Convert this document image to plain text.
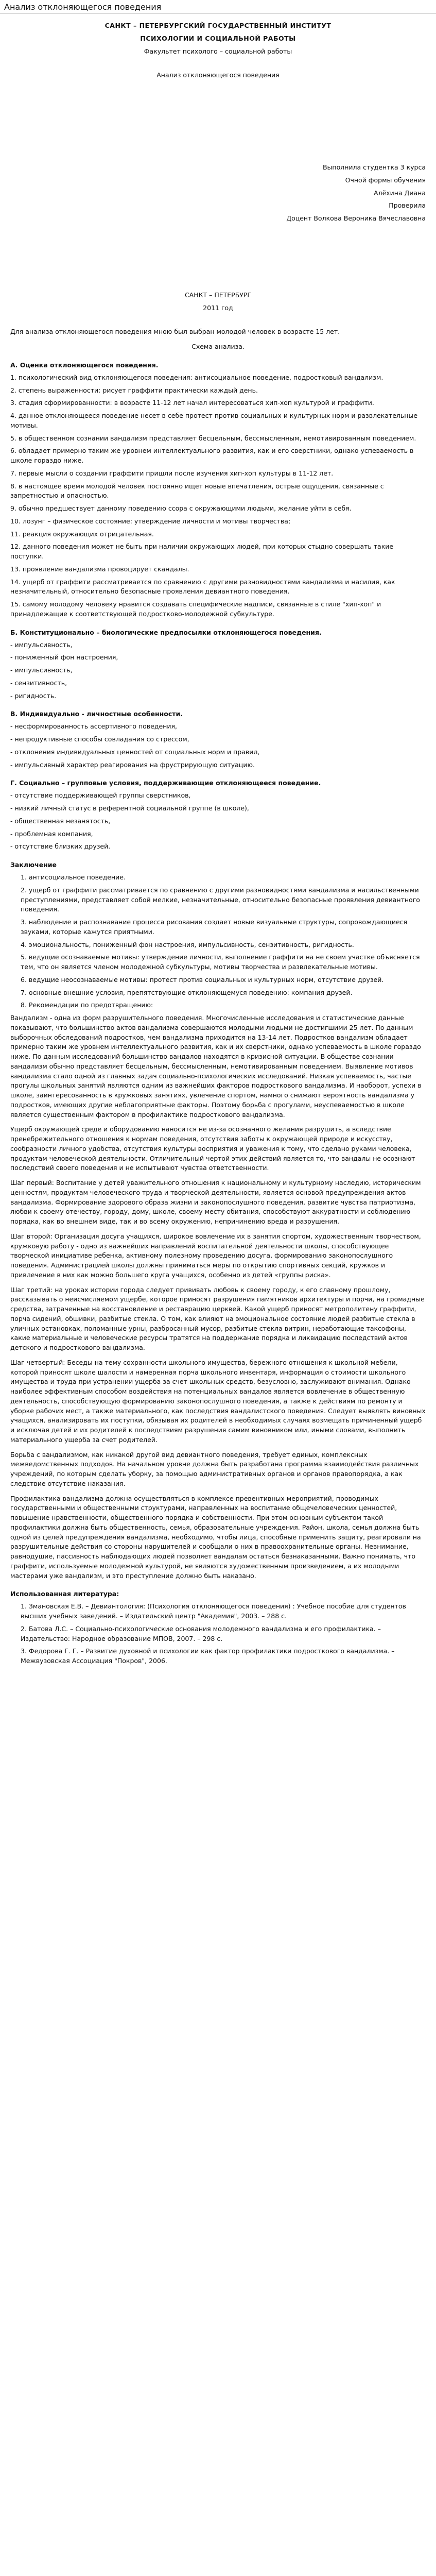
Анализ отклоняющегося поведения

САНКТ – ПЕТЕРБУРГСКИЙ ГОСУДАРСТВЕННЫЙ ИНСТИТУТ

ПСИХОЛОГИИ И СОЦИАЛЬНОЙ РАБОТЫ

Факультет психолого – социальной работы

Анализ отклоняющегося поведения

Выполнила студентка 3 курса

Очной формы обучения

Алёхина Диана

Проверила

Доцент Волкова Вероника Вячеславовна

САНКТ – ПЕТЕРБУРГ

2011 год

Для анализа отклоняющегося поведения мною был выбран молодой человек в возрасте 15 лет.

Схема анализа.

А. Оценка отклоняющегося поведения.

1. психологический вид отклоняющегося поведения: антисоциальное поведение, подростковый вандализм.

2. степень выраженности: рисует граффити практически каждый день.

3. стадия сформированности: в возрасте 11-12 лет начал интересоваться хип-хоп культурой и граффити.

4. данное отклоняющееся поведение несет в себе протест против социальных и культурных норм и развлекательные мотивы.

5. в общественном сознании вандализм представляет бесцельным, бессмысленным, немотивированным поведением.

6. обладает примерно таким же уровнем интеллектуального развития, как и его сверстники, однако успеваемость в школе гораздо ниже.

7. первые мысли о создании граффити пришли после изучения хип-хоп культуры в 11-12 лет.

8. в настоящее время молодой человек постоянно ищет новые впечатления, острые ощущения, связанные с запретностью и опасностью.

9. обычно предшествует данному поведению ссора с окружающими людьми, желание уйти в себя.

10. лозунг – физическое состояние: утверждение личности и мотивы творчества;

11. реакция окружающих отрицательная.

12. данного поведения может не быть при наличии окружающих людей, при которых стыдно совершать такие поступки.

13. проявление вандализма провоцирует скандалы.

14. ущерб от граффити рассматривается по сравнению с другими разновидностями вандализма и насилия, как незначительный, относительно безопасные проявления девиантного поведения.

15. самому молодому человеку нравится создавать специфические надписи, связанные в стиле "хип-хоп" и принадлежащие к соответствующей подростково-молодежной субкультуре.

Б. Конституционально – биологические предпосылки отклоняющегося поведения.

- импульсивность,

- пониженный фон настроения,

- импульсивность,

- сензитивность,

- ригидность.

В. Индивидуально - личностные особенности.

- несформированность ассертивного поведения,

- непродуктивные способы совладания со стрессом,

- отклонения индивидуальных ценностей от социальных норм и правил,

- импульсивный характер реагирования на фрустрирующую ситуацию.

Г. Социально – групповые условия, поддерживающие отклоняющееся поведение.

- отсутствие поддерживающей группы сверстников,

- низкий личный статус в референтной социальной группе (в школе),

- общественная незанятость,

- проблемная компания,

- отсутствие близких друзей.

Заключение

1. антисоциальное поведение.

2. ущерб от граффити рассматривается по сравнению с другими разновидностями вандализма и насильственными преступлениями, представляет собой мелкие, незначительные, относительно безопасные проявления девиантного поведения.

3. наблюдение и распознавание процесса рисования создает новые визуальные структуры, сопровождающиеся звуками, которые кажутся приятными.

4. эмоциональность, пониженный фон настроения, импульсивность, сензитивность, ригидность.

5. ведущие осознаваемые мотивы: утверждение личности, выполнение граффити на не своем участке объясняется тем, что он является членом молодежной субкультуры, мотивы творчества и развлекательные мотивы.

6. ведущие неосознаваемые мотивы: протест против социальных и культурных норм, отсутствие друзей.

7. основные внешние условия, препятствующие отклоняющемуся поведению: компания друзей.

8. Рекомендации по предотвращению:

Вандализм - одна из форм разрушительного поведения. Многочисленные исследования и статистические данные показывают, что большинство актов вандализма совершаются молодыми людьми не достигшими 25 лет. По данным выборочных обследований подростков, чем вандализма приходится на 13-14 лет. Подростков вандализм обладает примерно таким же уровнем интеллектуального развития, как и их сверстники, однако успеваемость в школе гораздо ниже. По данным исследований большинство вандалов находятся в кризисной ситуации. В обществе сознании вандализм обычно представляет бесцельным, бессмысленным, немотивированным поведением. Выявление мотивов вандализма стало одной из главных задач социально-психологических исследований. Низкая успеваемость, частые прогулы школьных занятий являются одним из важнейших факторов подросткового вандализма. И наоборот, успехи в школе, заинтересованность в кружковых занятиях, увлечение спортом, намного снижают вероятность вандализма у подростков, имеющих другие неблагоприятные факторы. Поэтому борьба с прогулами, неуспеваемостью в школе является существенным фактором в профилактике подросткового вандализма.

Ущерб окружающей среде и оборудованию наносится не из-за осознанного желания разрушить, а вследствие пренебрежительного отношения к нормам поведения, отсутствия заботы к окружающей природе и искусству, сообразности личного удобства, отсутствия культуры восприятия и уважения к тому, что сделано руками человека, продуктам человеческой деятельности. Отличительный чертой этих действий является то, что вандалы не осознают последствий своего поведения и не испытывают чувства ответственности.

Шаг первый: Воспитание у детей уважительного отношения к национальному и культурному наследию, историческим ценностям, продуктам человеческого труда и творческой деятельности, является основой предупреждения актов вандализма. Формирование здорового образа жизни и законопослушного поведения, развитие чувства патриотизма, любви к своему отечеству, городу, дому, школе, своему месту обитания, способствуют аккуратности и соблюдению порядка, как во внешнем виде, так и во всему окружению, непричинению вреда и разрушения.

Шаг второй: Организация досуга учащихся, широкое вовлечение их в занятия спортом, художественным творчеством, кружковую работу - одно из важнейших направлений воспитательной деятельности школы, способствующее творческой инициативе ребенка, активному полезному проведению досуга, формированию законопослушного поведения. Администрацией школы должны приниматься меры по открытию спортивных секций, кружков и привлечение в них как можно большего круга учащихся, особенно из детей «группы риска».

Шаг третий: на уроках истории города следует прививать любовь к своему городу, к его славному прошлому, рассказывать о неисчисляемом ущербе, которое приносят разрушения памятников архитектуры и порчи, на громадные средства, затраченные на восстановление и реставрацию церквей. Какой ущерб приносят метрополитену граффити, порча сидений, обшивки, разбитые стекла. О том, как влияют на эмоциональное состояние людей разбитые стекла в уличных остановках, поломанные урны, разбросанный мусор, разбитые стекла витрин, неработающие таксофоны, какие материальные и человеческие ресурсы тратятся на поддержание порядка и ликвидацию последствий актов детского и подросткового вандализма.

Шаг четвертый: Беседы на тему сохранности школьного имущества, бережного отношения к школьной мебели, которой приносят школе шалости и намеренная порча школьного инвентаря, информация о стоимости школьного имущества и труда при устранении ущерба за счет школьных средств, безусловно, заслуживают внимания. Однако наиболее эффективным способом воздействия на потенциальных вандалов является вовлечение в общественную деятельность, способствующую формированию законопослушного поведения, а также к действиям по ремонту и уборке рабочих мест, а также материального, как последствия вандалистского поведения. Следует выявлять виновных учащихся, анализировать их поступки, обязывая их родителей в необходимых случаях возмещать причиненный ущерб и исключая детей и их родителей к последствиям разрушения самим виновником или, иными словами, выполнить материального ущерба за счет родителей.

Борьба с вандализмом, как никакой другой вид девиантного поведения, требует единых, комплексных межведомственных подходов. На начальном уровне должна быть разработана программа взаимодействия различных учреждений, по которым сделать уборку, за помощью административных органов и органов правопорядка, а как следствие отсутствие наказания.

Профилактика вандализма должна осуществляться в комплексе превентивных мероприятий, проводимых государственными и общественными структурами, направленных на воспитание общечеловеческих ценностей, повышение нравственности, общественного порядка и собственности. При этом основным субъектом такой профилактики должна быть общественность, семья, образовательные учреждения. Район, школа, семья должна быть одной из целей предупреждения вандализма, необходимо, чтобы лица, способные применить защиту, реагировали на разрушительные действия со стороны нарушителей и сообщали о них в правоохранительные органы. Невнимание, равнодушие, пассивность наблюдающих людей позволяет вандалам остаться безнаказанными. Важно понимать, что граффити, используемые молодежной культурой, не являются художественным произведением, а их молодыми мастерами уже вандализм, и это преступление должно быть наказано.

Использованная литература:

1. Змановская Е.В. – Девиантология: (Психология отклоняющегося поведения) : Учебное пособие для студентов высших учебных заведений. – Издательский центр "Академия", 2003. – 288 с.

2. Батова Л.С. – Социально-психологические основания молодежного вандализма и его профилактика. – Издательство: Народное образование МПОВ, 2007. – 298 с.

3. Федорова Г. Г. – Развитие духовной и психологии как фактор профилактики подросткового вандализма. – Межвузовская Ассоциация "Покров", 2006.
